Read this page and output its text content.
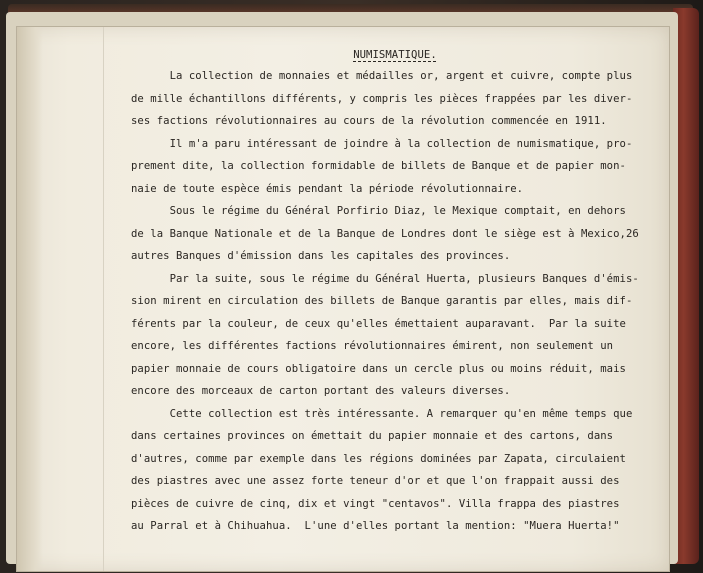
NUMISMATIQUE.
La collection de monnaies et médailles or, argent et cuivre, compte plus
de mille échantillons différents, y compris les pièces frappées par les diver-
ses factions révolutionnaires au cours de la révolution commencée en 1911.
Il m'a paru intéressant de joindre à la collection de numismatique, pro-
prement dite, la collection formidable de billets de Banque et de papier mon-
naie de toute espèce émis pendant la période révolutionnaire.
Sous le régime du Général Porfirio Diaz, le Mexique comptait, en dehors
de la Banque Nationale et de la Banque de Londres dont le siège est à Mexico,26
autres Banques d'émission dans les capitales des provinces.
Par la suite, sous le régime du Général Huerta, plusieurs Banques d'émis-
sion mirent en circulation des billets de Banque garantis par elles, mais dif-
férents par la couleur, de ceux qu'elles émettaient auparavant.  Par la suite
encore, les différentes factions révolutionnaires émirent, non seulement un
papier monnaie de cours obligatoire dans un cercle plus ou moins réduit, mais
encore des morceaux de carton portant des valeurs diverses.
Cette collection est très intéressante. A remarquer qu'en même temps que
dans certaines provinces on émettait du papier monnaie et des cartons, dans
d'autres, comme par exemple dans les régions dominées par Zapata, circulaient
des piastres avec une assez forte teneur d'or et que l'on frappait aussi des
pièces de cuivre de cinq, dix et vingt "centavos". Villa frappa des piastres
au Parral et à Chihuahua.  L'une d'elles portant la mention: "Muera Huerta!"
